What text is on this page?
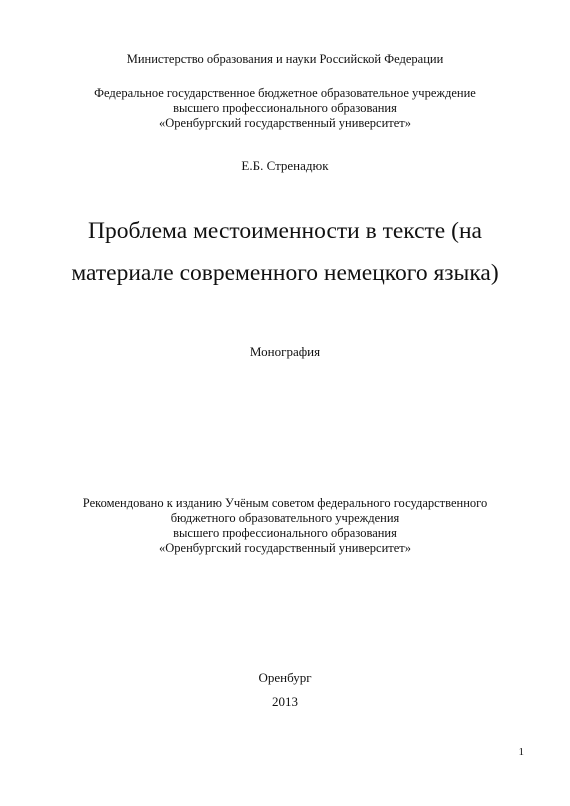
Министерство образования и науки Российской Федерации
Федеральное государственное бюджетное образовательное учреждение
высшего профессионального образования
«Оренбургский государственный университет»
Е.Б. Стренадюк
Проблема местоименности в тексте (на
материале современного немецкого языка)
Монография
Рекомендовано к изданию Учёным советом федерального государственного
бюджетного образовательного учреждения
высшего профессионального образования
«Оренбургский государственный университет»
Оренбург
2013
1
